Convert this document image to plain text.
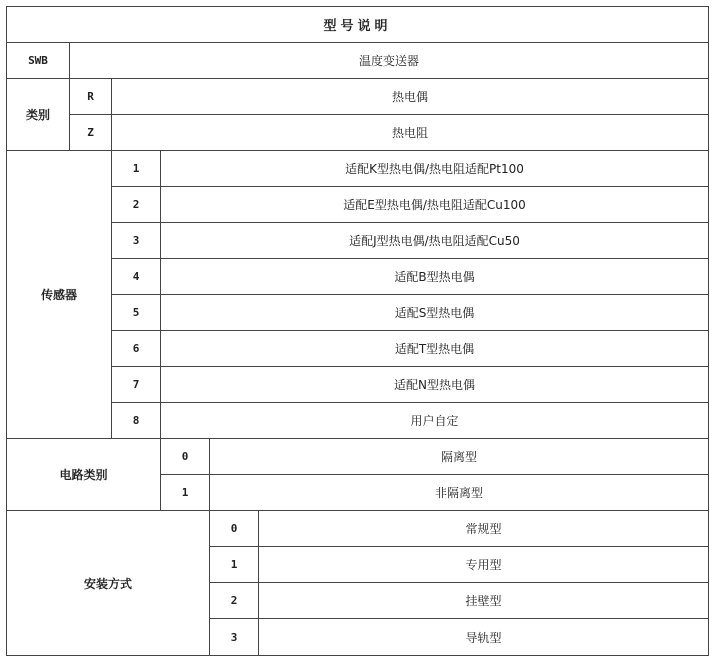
型号说明
SWB	温度变送器
类别
R	热电偶
Z	热电阻
传感器
1	适配K型热电偶/热电阻适配Pt100
2	适配E型热电偶/热电阻适配Cu100
3	适配J型热电偶/热电阻适配Cu50
4	适配B型热电偶
5	适配S型热电偶
6	适配T型热电偶
7	适配N型热电偶
8	用户自定
电路类别
0	隔离型
1	非隔离型
安装方式
0	常规型
1	专用型
2	挂壁型
3	导轨型
